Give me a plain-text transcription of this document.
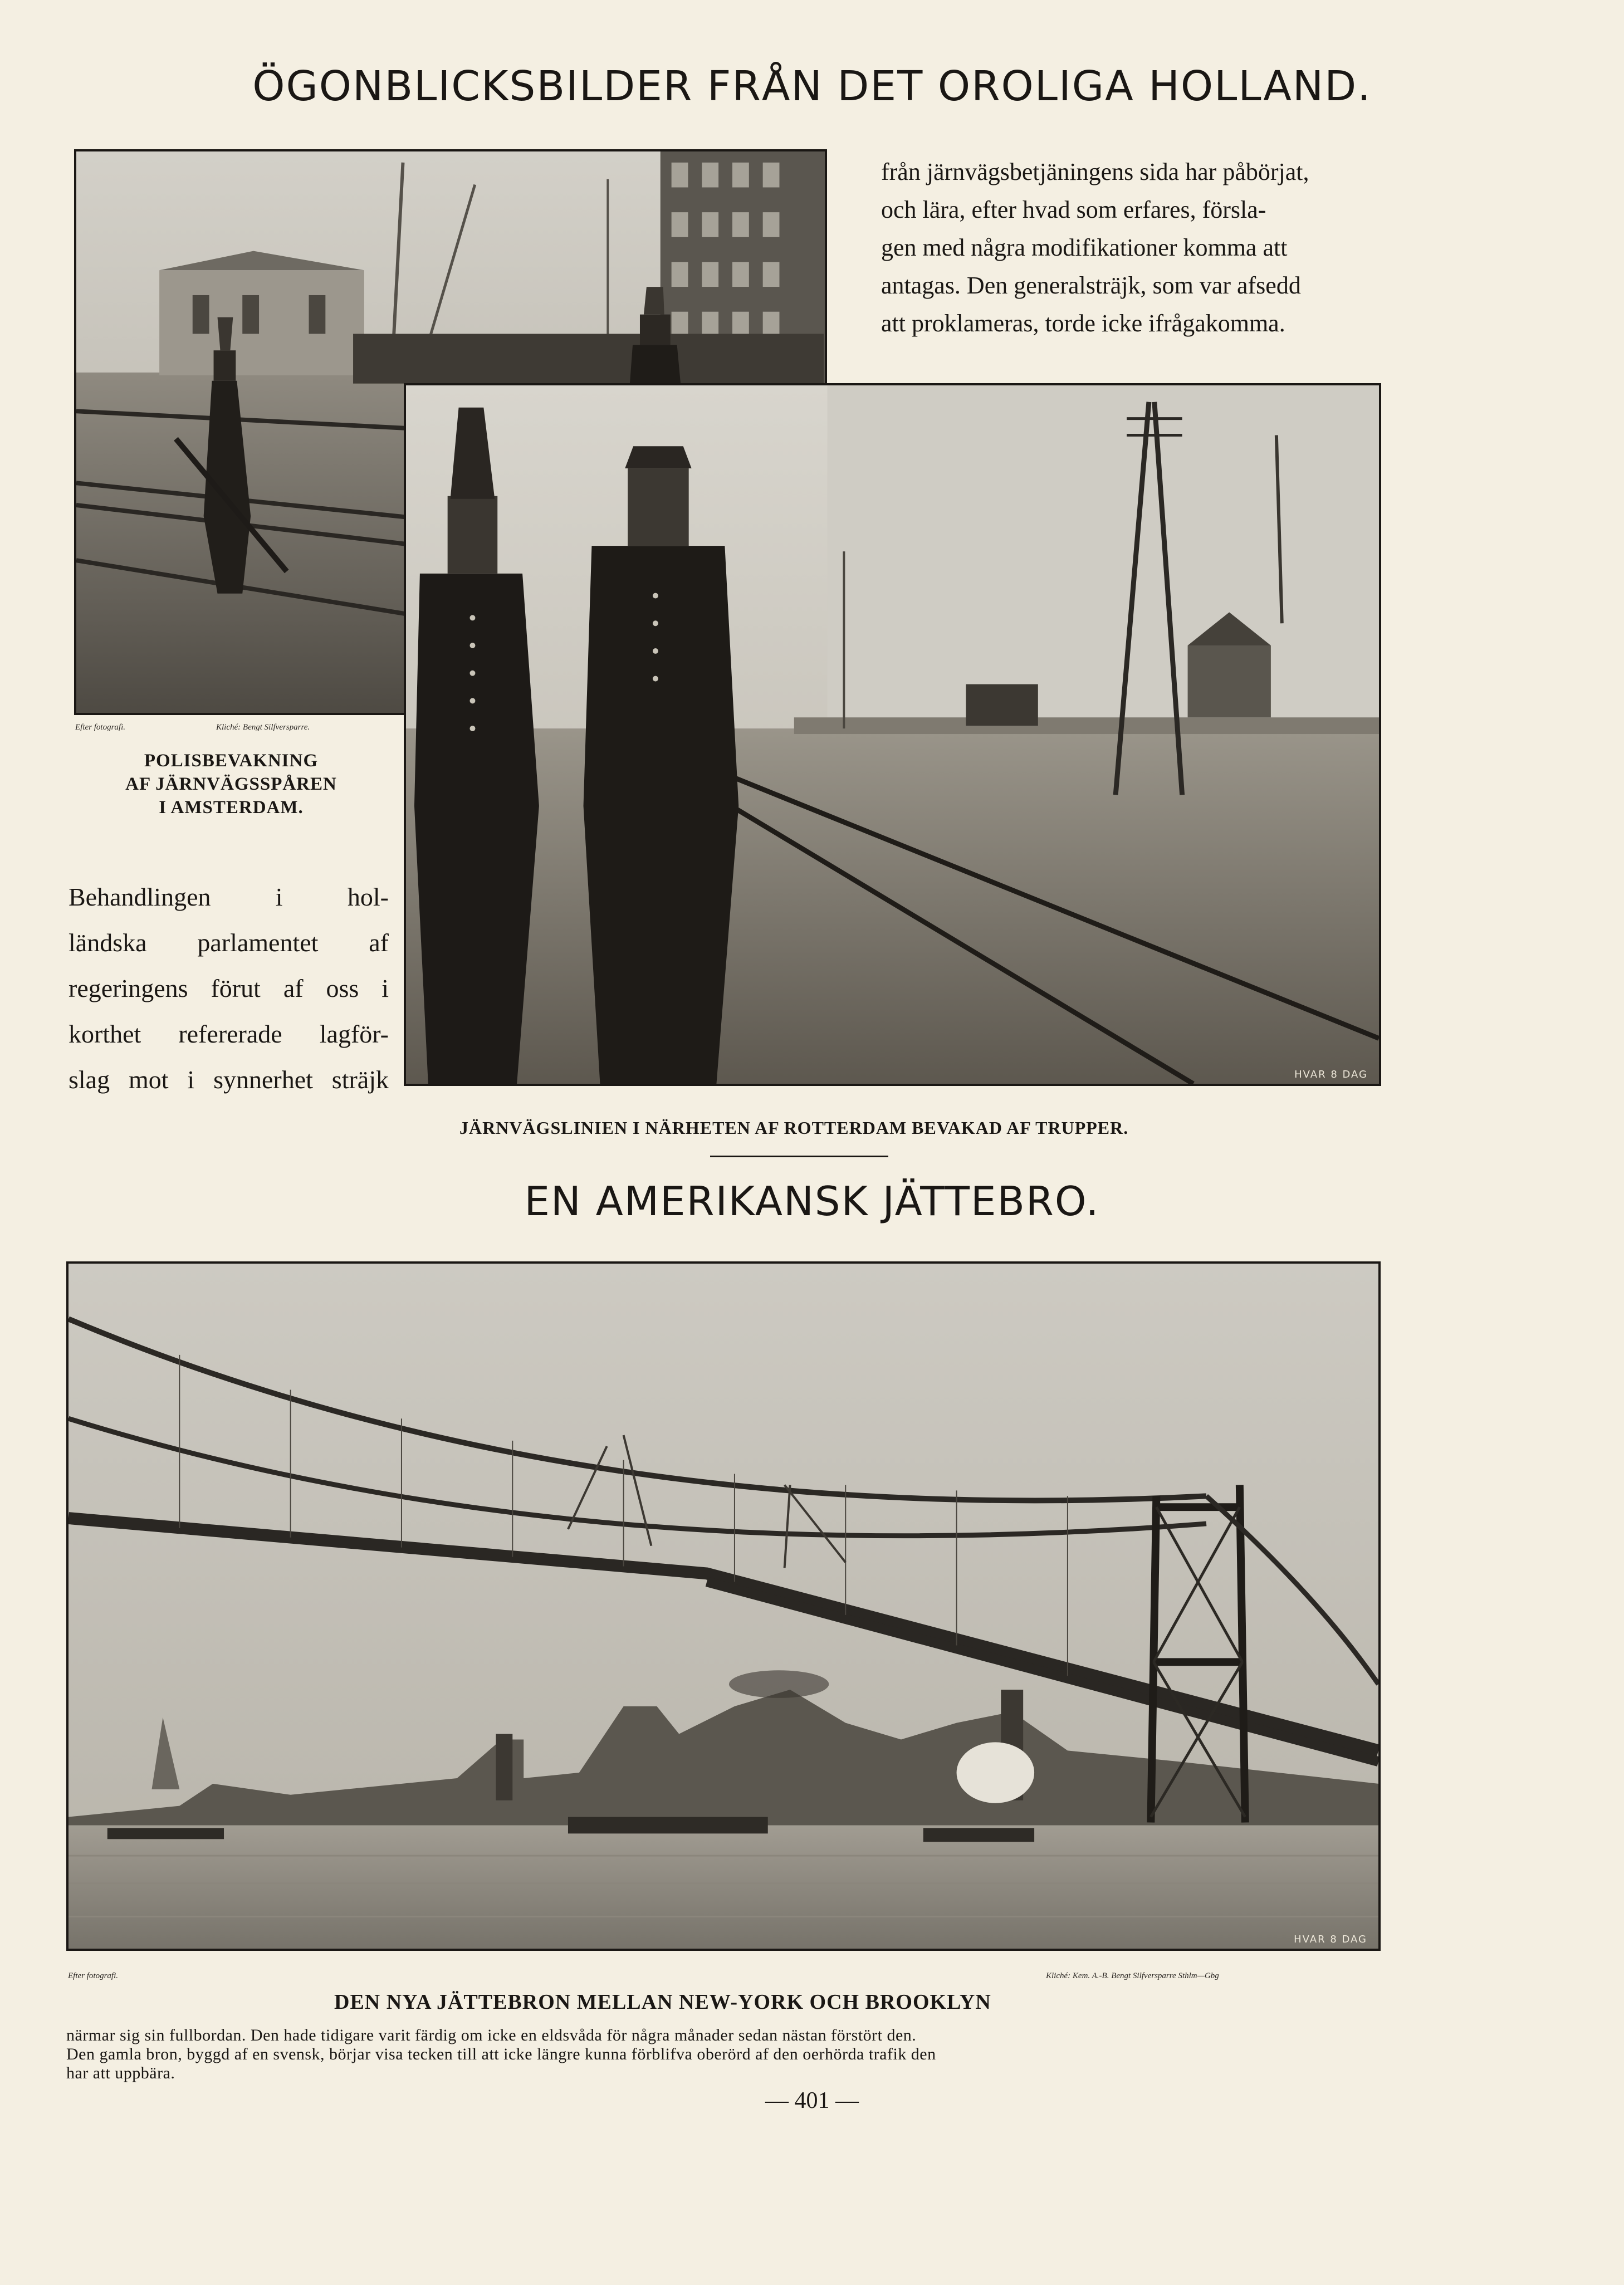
ÖGONBLICKSBILDER FRÅN DET OROLIGA HOLLAND.
HVAR 8 DAG

från järnvägsbetjäningens sida har påbörjat,

och lära, efter hvad som erfares, försla-

gen med några modifikationer komma att

antagas. Den generalsträjk, som var afsedd

att proklameras, torde icke ifrågakomma.

Efter fotografi.	Kliché: Bengt Silfversparre.
POLISBEVAKNING
AF JÄRNVÄGSSPÅREN
I AMSTERDAM.

Behandlingen i hol-

ländska parlamentet af

regeringens förut af oss i

korthet refererade lagför-

slag mot i synnerhet sträjk

JÄRNVÄGSLINIEN I NÄRHETEN AF ROTTERDAM BEVAKAD AF TRUPPER.
EN AMERIKANSK JÄTTEBRO.
HVAR 8 DAG
Efter fotografi.	Kliché: Kem. A.-B. Bengt Silfversparre Sthlm—Gbg
DEN NYA JÄTTEBRON MELLAN NEW-YORK OCH BROOKLYN
närmar sig sin fullbordan. Den hade tidigare varit färdig om icke en eldsvåda för några månader sedan nästan förstört den.
Den gamla bron, byggd af en svensk, börjar visa tecken till att icke längre kunna förblifva oberörd af den oerhörda trafik den
har att uppbära.
— 401 —
